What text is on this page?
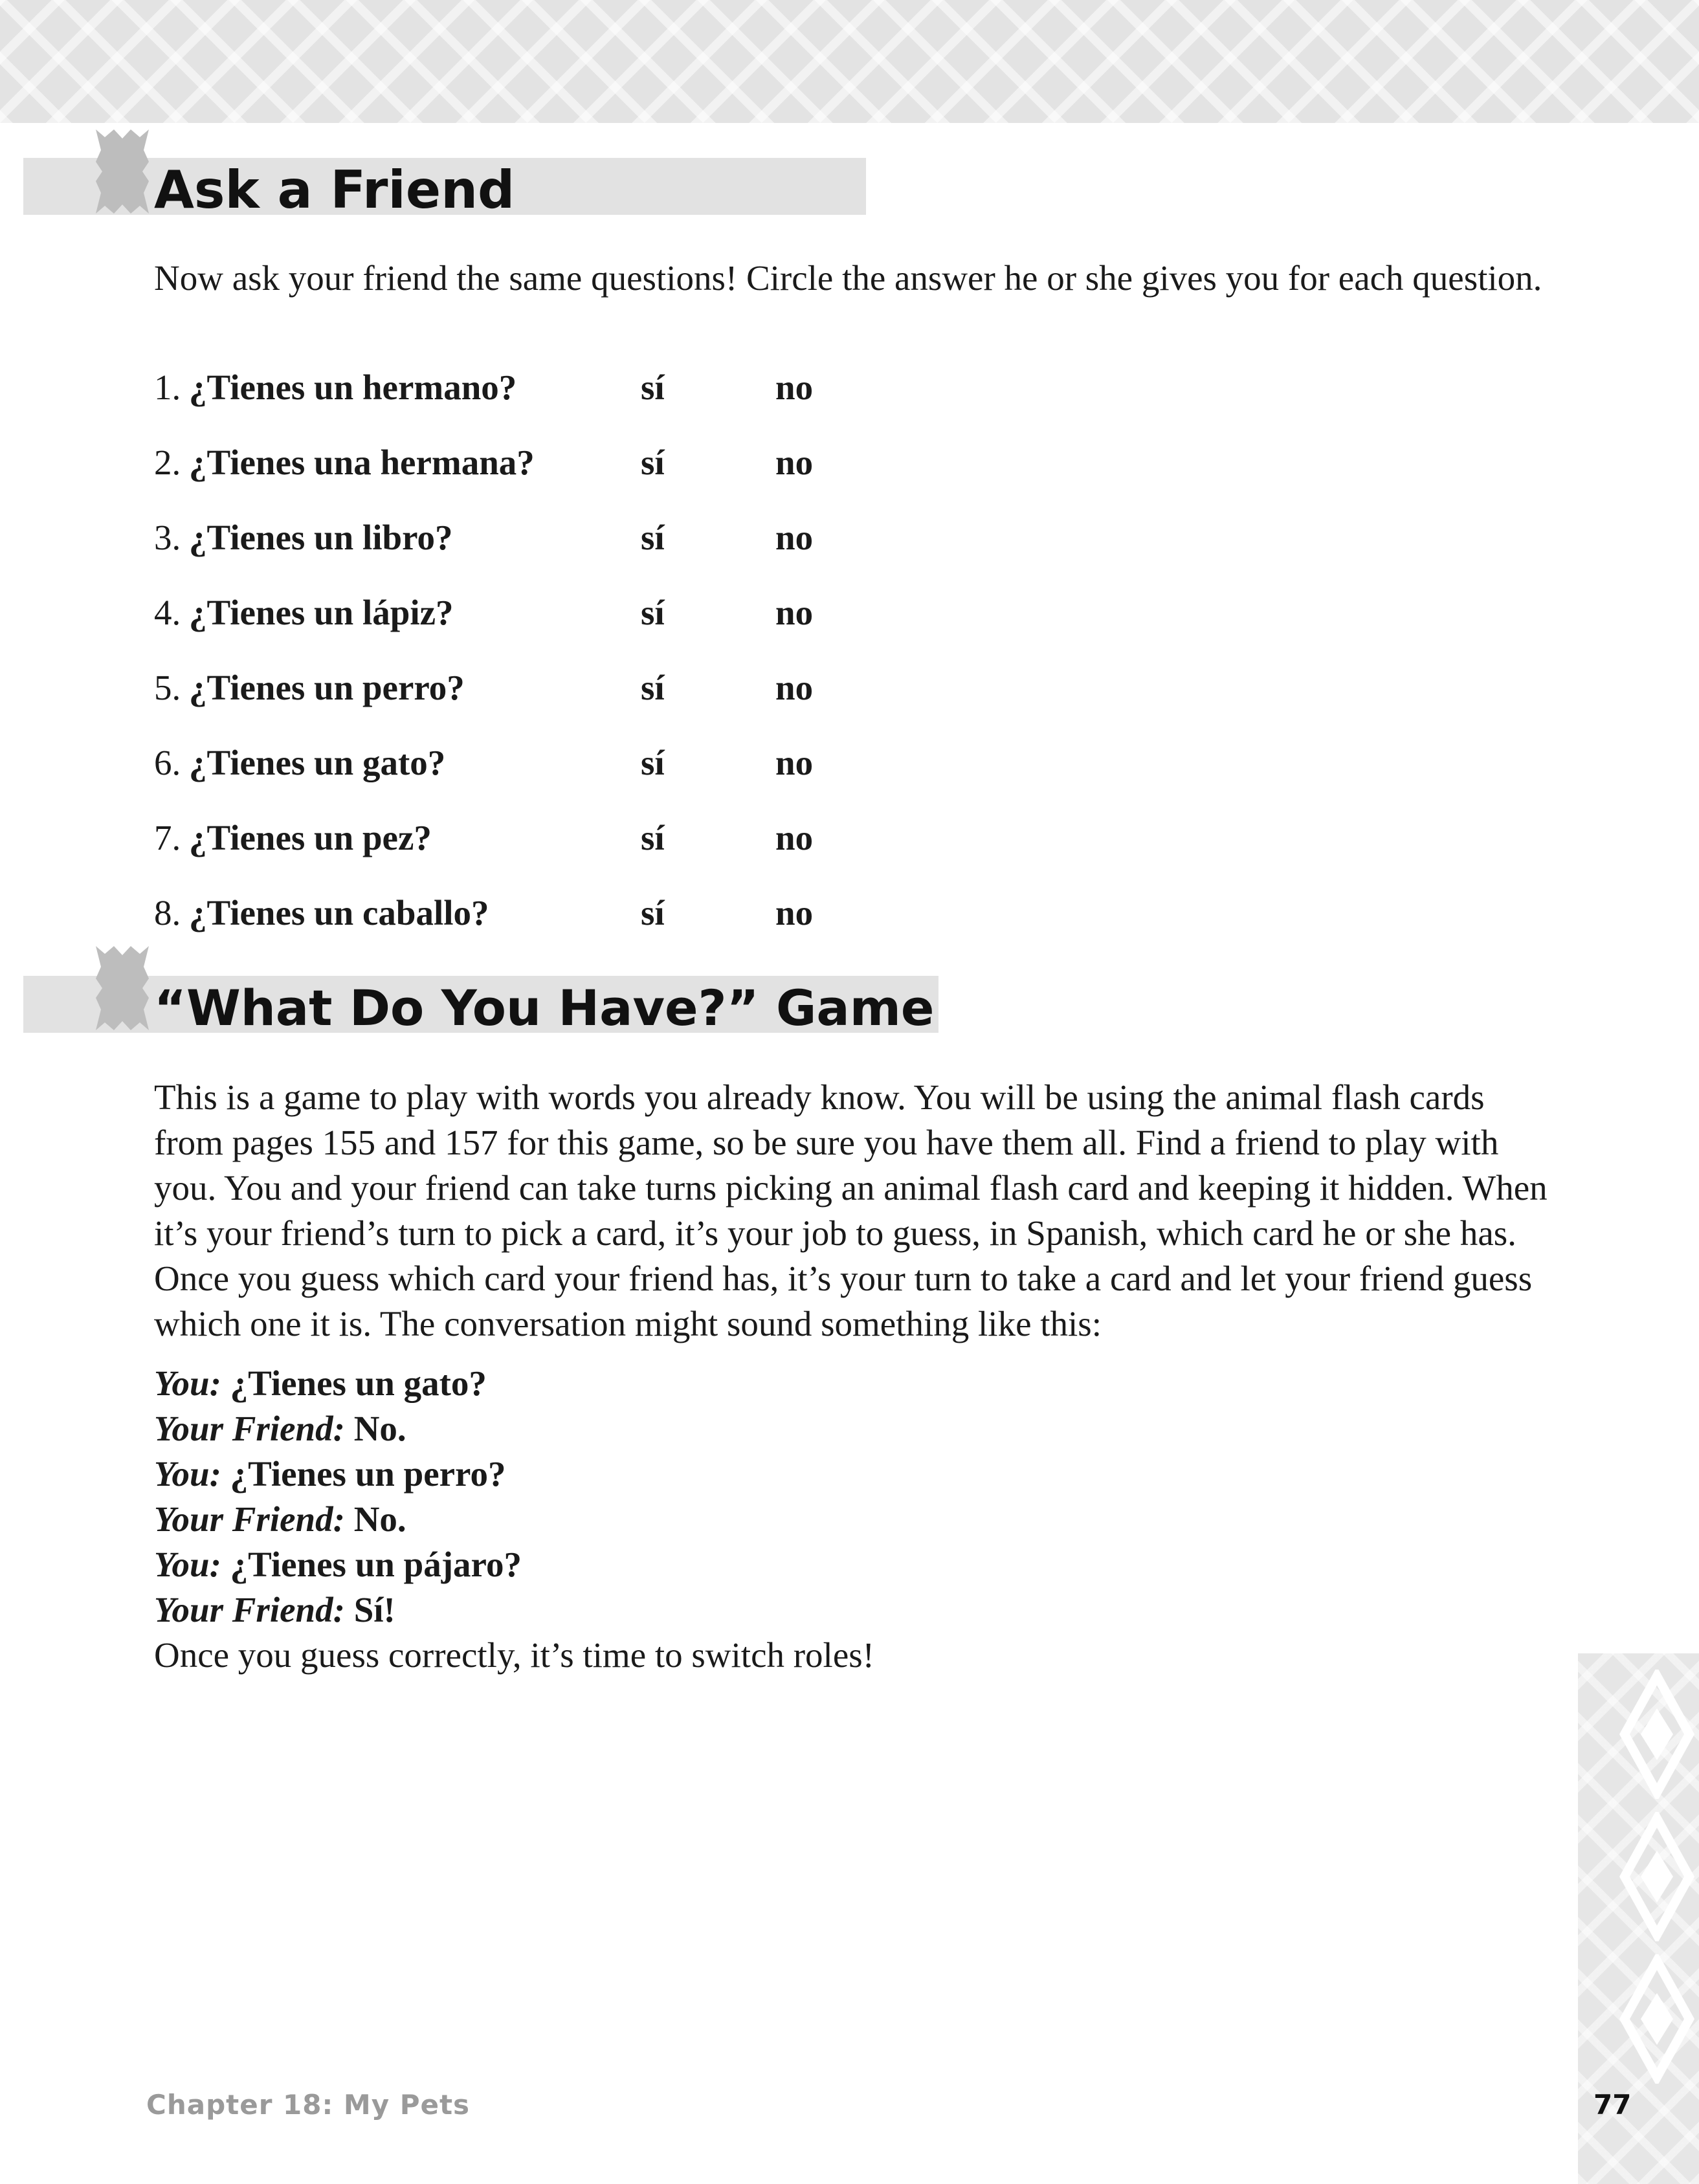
Ask a Friend

Now ask your friend the same questions! Circle the answer he or she gives you for each question.

1. ¿Tienes un hermano?	sí	no
2. ¿Tienes una hermana?	sí	no
3. ¿Tienes un libro?	sí	no
4. ¿Tienes un lápiz?	sí	no
5. ¿Tienes un perro?	sí	no
6. ¿Tienes un gato?	sí	no
7. ¿Tienes un pez?	sí	no
8. ¿Tienes un caballo?	sí	no
“What Do You Have?” Game

This is a game to play with words you already know. You will be using the animal flash cards from pages 155 and 157 for this game, so be sure you have them all. Find a friend to play with you. You and your friend can take turns picking an animal flash card and keeping it hidden. When it’s your friend’s turn to pick a card, it’s your job to guess, in Spanish, which card he or she has. Once you guess which card your friend has, it’s your turn to take a card and let your friend guess which one it is. The conversation might sound something like this:

You: ¿Tienes un gato?
Your Friend: No.
You: ¿Tienes un perro?
Your Friend: No.
You: ¿Tienes un pájaro?
Your Friend: Sí!
Once you guess correctly, it’s time to switch roles!
Chapter 18: My Pets	77
